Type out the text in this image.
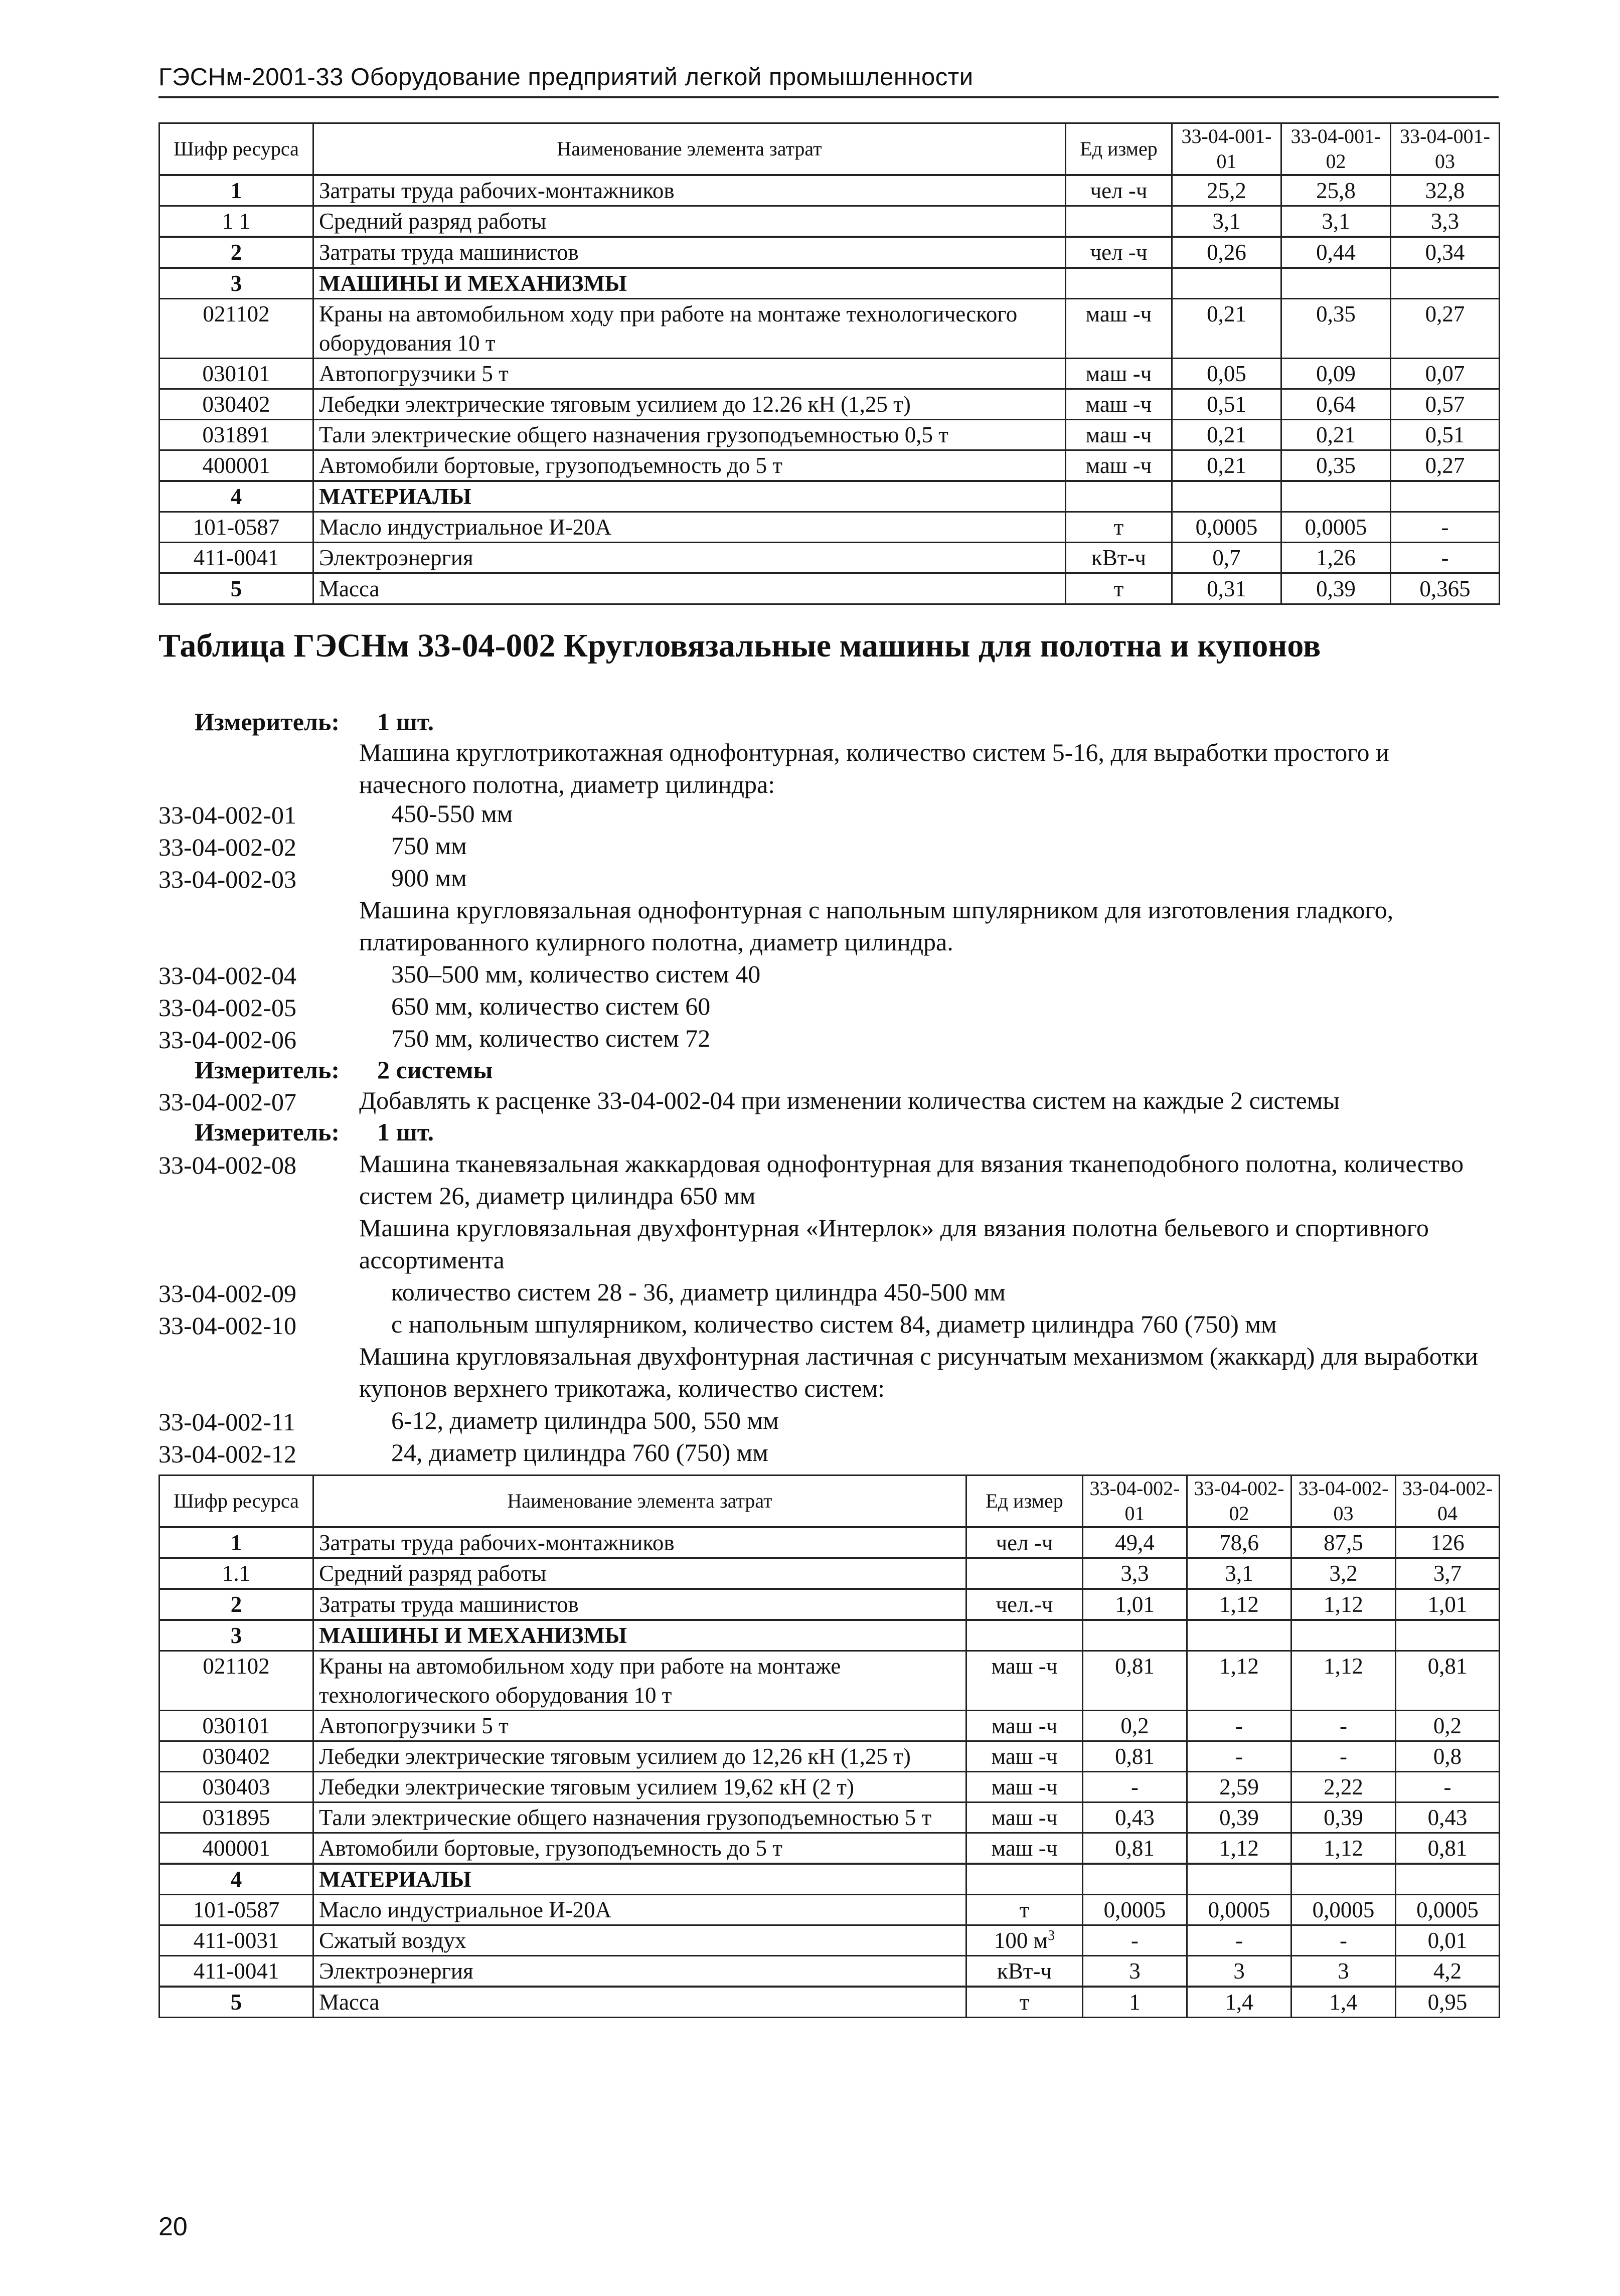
ГЭСНм-2001-33 Оборудование предприятий легкой промышленности
Шифр ресурса	Наименование элемента затрат	Ед измер	33-04-001-01	33-04-001-02	33-04-001-03
1	Затраты труда рабочих-монтажников	чел -ч	25,2	25,8	32,8
1 1	Средний разряд работы		3,1	3,1	3,3
2	Затраты труда машинистов	чел -ч	0,26	0,44	0,34
3	МАШИНЫ И МЕХАНИЗМЫ				
021102	Краны на автомобильном ходу при работе на монтаже технологического оборудования 10 т	маш -ч	0,21	0,35	0,27
030101	Автопогрузчики 5 т	маш -ч	0,05	0,09	0,07
030402	Лебедки электрические тяговым усилием до 12.26 кН (1,25 т)	маш -ч	0,51	0,64	0,57
031891	Тали электрические общего назначения грузоподъемностью 0,5 т	маш -ч	0,21	0,21	0,51
400001	Автомобили бортовые, грузоподъемность до 5 т	маш -ч	0,21	0,35	0,27
4	МАТЕРИАЛЫ				
101-0587	Масло индустриальное И-20А	т	0,0005	0,0005	-
411-0041	Электроэнергия	кВт-ч	0,7	1,26	-
5	Масса	т	0,31	0,39	0,365
Таблица ГЭСНм 33-04-002 Кругловязальные машины для полотна и купонов
Измеритель: 1 шт.
Машина круглотрикотажная однофонтурная, количество систем 5-16, для выработки простого и начесного полотна, диаметр цилиндра:
33-04-002-01	450-550 мм
33-04-002-02	750 мм
33-04-002-03	900 мм
Машина кругловязальная однофонтурная с напольным шпулярником для изготовления гладкого, платированного кулирного полотна, диаметр цилиндра.
33-04-002-04	350–500 мм, количество систем 40
33-04-002-05	650 мм, количество систем 60
33-04-002-06	750 мм, количество систем 72
Измеритель: 2 системы
33-04-002-07	Добавлять к расценке 33-04-002-04 при изменении количества систем на каждые 2 системы
Измеритель: 1 шт.
33-04-002-08	Машина тканевязальная жаккардовая однофонтурная для вязания тканеподобного полотна, количество систем 26, диаметр цилиндра 650 мм
Машина кругловязальная двухфонтурная «Интерлок» для вязания полотна бельевого и спортивного ассортимента
33-04-002-09	количество систем 28 - 36, диаметр цилиндра 450-500 мм
33-04-002-10	с напольным шпулярником, количество систем 84, диаметр цилиндра 760 (750) мм
Машина кругловязальная двухфонтурная ластичная с рисунчатым механизмом (жаккард) для выработки купонов верхнего трикотажа, количество систем:
33-04-002-11	6-12, диаметр цилиндра 500, 550 мм
33-04-002-12	24, диаметр цилиндра 760 (750) мм
Шифр ресурса	Наименование элемента затрат	Ед измер	33-04-002-01	33-04-002-02	33-04-002-03	33-04-002-04
1	Затраты труда рабочих-монтажников	чел -ч	49,4	78,6	87,5	126
1.1	Средний разряд работы		3,3	3,1	3,2	3,7
2	Затраты труда машинистов	чел.-ч	1,01	1,12	1,12	1,01
3	МАШИНЫ И МЕХАНИЗМЫ					
021102	Краны на автомобильном ходу при работе на монтаже технологического оборудования 10 т	маш -ч	0,81	1,12	1,12	0,81
030101	Автопогрузчики 5 т	маш -ч	0,2	-	-	0,2
030402	Лебедки электрические тяговым усилием до 12,26 кН (1,25 т)	маш -ч	0,81	-	-	0,8
030403	Лебедки электрические тяговым усилием 19,62 кН (2 т)	маш -ч	-	2,59	2,22	-
031895	Тали электрические общего назначения грузоподъемностью 5 т	маш -ч	0,43	0,39	0,39	0,43
400001	Автомобили бортовые, грузоподъемность до 5 т	маш -ч	0,81	1,12	1,12	0,81
4	МАТЕРИАЛЫ					
101-0587	Масло индустриальное И-20А	т	0,0005	0,0005	0,0005	0,0005
411-0031	Сжатый воздух	100 $м^3$	-	-	-	0,01
411-0041	Электроэнергия	кВт-ч	3	3	3	4,2
5	Масса	т	1	1,4	1,4	0,95
20
